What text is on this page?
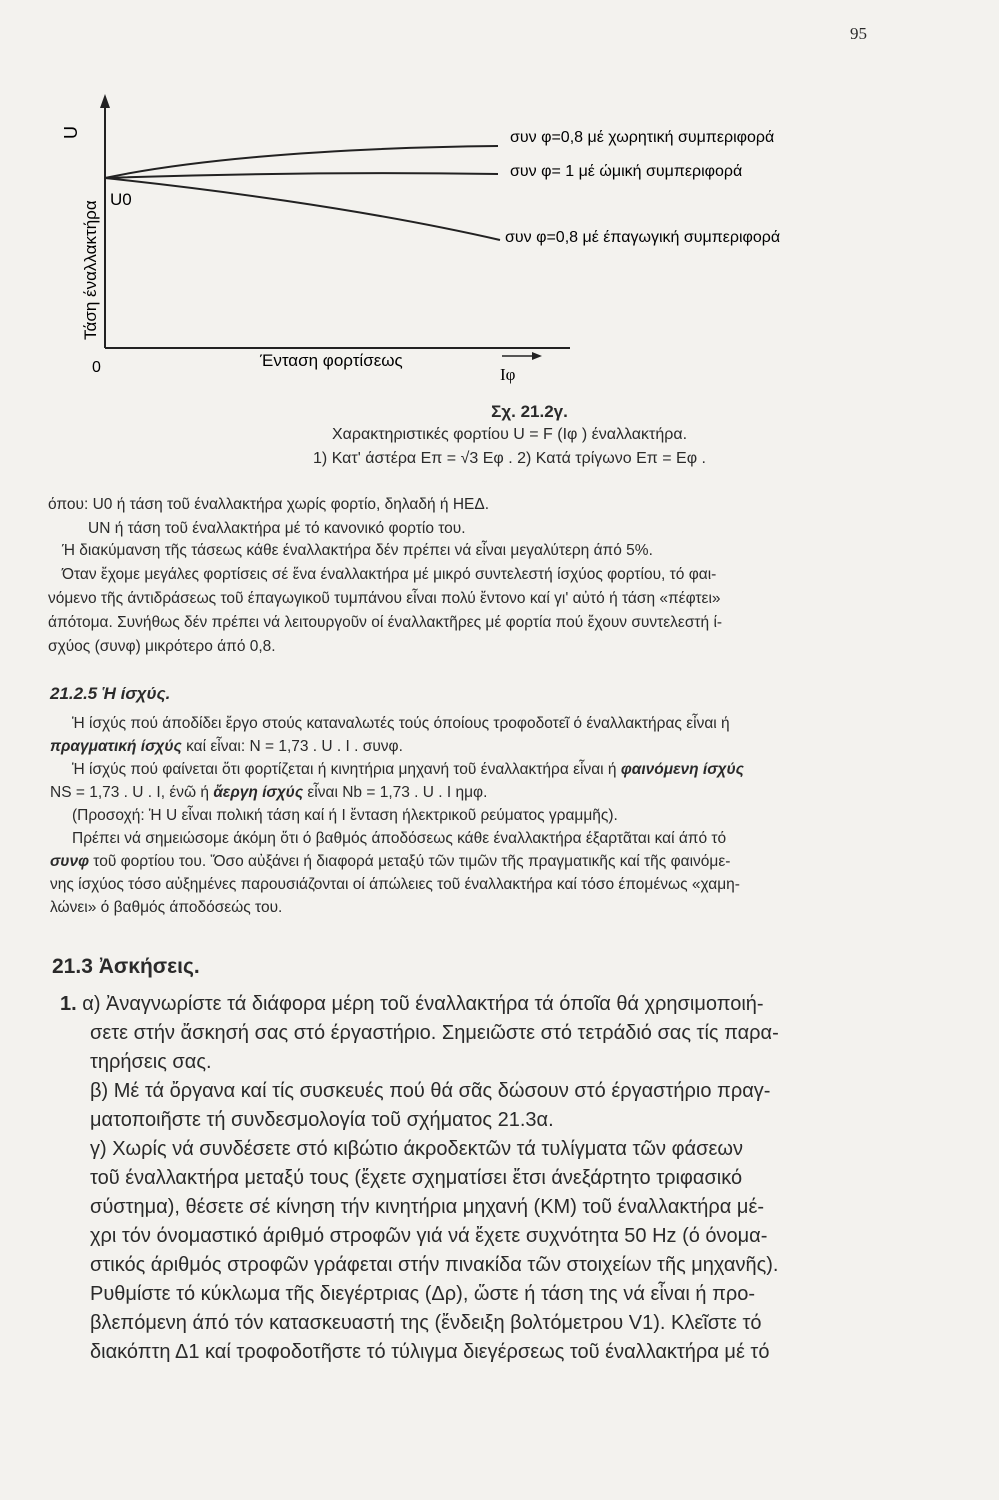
95
U
Τάση έναλλακτήρα
U0
0	Ένταση φορτίσεως
Iφ
συν φ=0,8 μέ χωρητική συμπεριφορά
συν φ= 1 μέ ώμική συμπεριφορά
συν φ=0,8 μέ έπαγωγική συμπεριφορά
Σχ. 21.2γ.
Χαρακτηριστικές φορτίου U = F (Iφ ) έναλλακτήρα.
1) Κατ' άστέρα Επ = √3 Εφ . 2) Κατά τρίγωνο Επ = Εφ .
όπου: U0 ή τάση τοῦ έναλλακτήρα χωρίς φορτίο, δηλαδή ή ΗΕΔ.
UN ή τάση τοῦ έναλλακτήρα μέ τό κανονικό φορτίο του.
Ή διακύμανση τῆς τάσεως κάθε έναλλακτήρα δέν πρέπει νά εἶναι μεγαλύτερη άπό 5%.
Όταν ἔχομε μεγάλες φορτίσεις σέ ἕνα έναλλακτήρα μέ μικρό συντελεστή ίσχύος φορτίου, τό φαι-
νόμενο τῆς άντιδράσεως τοῦ έπαγωγικοῦ τυμπάνου εἶναι πολύ ἔντονο καί γι' αὐτό ή τάση «πέφτει»
άπότομα. Συνήθως δέν πρέπει νά λειτουργοῦν οί έναλλακτῆρες μέ φορτία πού ἔχουν συντελεστή ί-
σχύος (συνφ) μικρότερο άπό 0,8.
21.2.5 Ἡ ίσχύς.

Ἡ ίσχύς πού άποδίδει ἔργο στούς καταναλωτές τούς όποίους τροφοδοτεῖ ό έναλλακτήρας εἶναι ή

πραγματική ίσχύς καί εἶναι: N = 1,73 . U . I . συνφ.

Ἡ ίσχύς πού φαίνεται ὅτι φορτίζεται ή κινητήρια μηχανή τοῦ έναλλακτήρα εἶναι ή φαινόμενη ίσχύς

NS = 1,73 . U . I, ένῶ ή ἄεργη ίσχύς εἶναι Nb = 1,73 . U . I ημφ.

(Προσοχή: Ἡ U εἶναι πολική τάση καί ή I ἔνταση ήλεκτρικοῦ ρεύματος γραμμῆς).

Πρέπει νά σημειώσομε άκόμη ὅτι ό βαθμός άποδόσεως κάθε έναλλακτήρα έξαρτᾶται καί άπό τό

συνφ τοῦ φορτίου του. Ὅσο αὐξάνει ή διαφορά μεταξύ τῶν τιμῶν τῆς πραγματικῆς καί τῆς φαινόμε-
νης ίσχύος τόσο αὐξημένες παρουσιάζονται οί άπώλειες τοῦ έναλλακτήρα καί τόσο έπομένως «χαμη-
λώνει» ό βαθμός άποδόσεώς του.
21.3 Ἀσκήσεις.
1. α) Ἀναγνωρίστε τά διάφορα μέρη τοῦ έναλλακτήρα τά όποῖα θά χρησιμοποιή-
σετε στήν ἄσκησή σας στό έργαστήριο. Σημειῶστε στό τετράδιό σας τίς παρα-
τηρήσεις σας.
β) Μέ τά ὄργανα καί τίς συσκευές πού θά σᾶς δώσουν στό έργαστήριο πραγ-
ματοποιῆστε τή συνδεσμολογία τοῦ σχήματος 21.3α.
γ) Χωρίς νά συνδέσετε στό κιβώτιο άκροδεκτῶν τά τυλίγματα τῶν φάσεων
τοῦ έναλλακτήρα μεταξύ τους (ἔχετε σχηματίσει ἔτσι άνεξάρτητο τριφασικό
σύστημα), θέσετε σέ κίνηση τήν κινητήρια μηχανή (ΚΜ) τοῦ έναλλακτήρα μέ-
χρι τόν όνομαστικό άριθμό στροφῶν γιά νά ἔχετε συχνότητα 50 Hz (ό όνομα-
στικός άριθμός στροφῶν γράφεται στήν πινακίδα τῶν στοιχείων τῆς μηχανῆς).
Ρυθμίστε τό κύκλωμα τῆς διεγέρτριας (Δρ), ὥστε ή τάση της νά εἶναι ή προ-
βλεπόμενη άπό τόν κατασκευαστή της (ἔνδειξη βολτόμετρου V1). Κλεῖστε τό
διακόπτη Δ1 καί τροφοδοτῆστε τό τύλιγμα διεγέρσεως τοῦ έναλλακτήρα μέ τό
